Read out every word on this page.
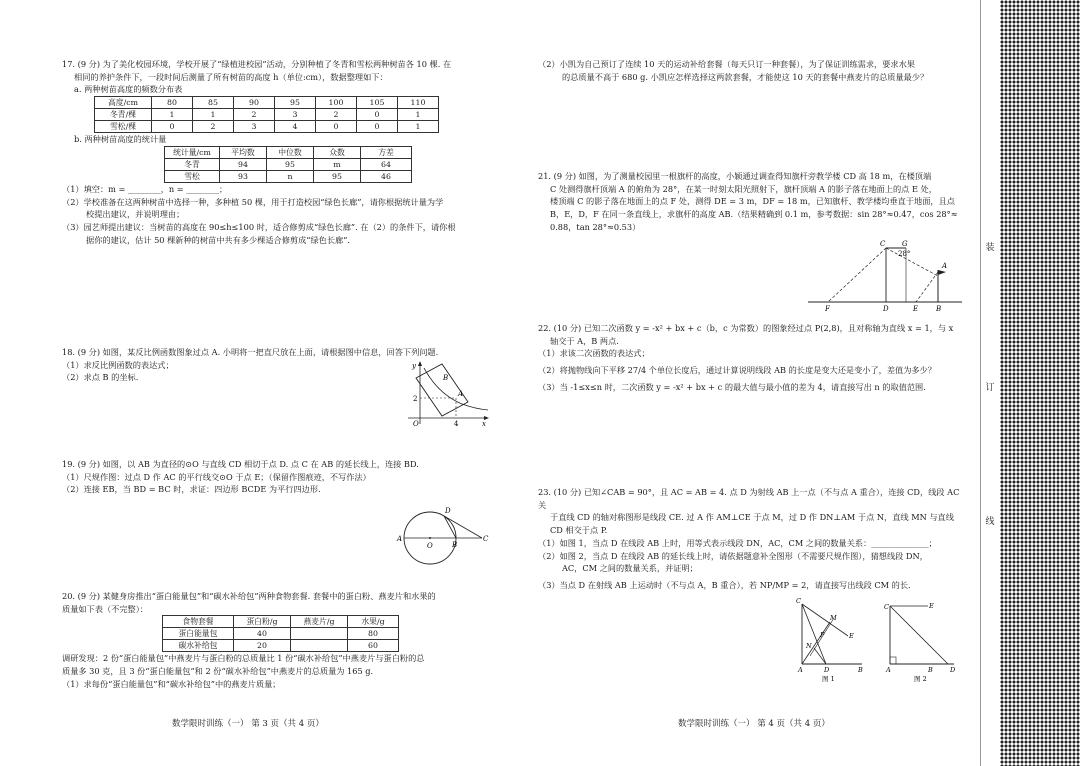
17. (9 分) 为了美化校园环境，学校开展了“绿植进校园”活动，分别种植了冬青和雪松两种树苗各 10 棵. 在

相同的养护条件下，一段时间后测量了所有树苗的高度 h（单位:cm），数据整理如下：

a. 两种树苗高度的频数分布表

高度/cm	80	85	90	95	100	105	110
冬青/棵	1	1	2	3	2	0	1
雪松/棵	0	2	3	4	0	0	1

b. 两种树苗高度的统计量

统计量/cm	平均数	中位数	众数	方差
冬青	94	95	m	64
雪松	93	n	95	46

（1）填空：m = ________，n = ________；

（2）学校准备在这两种树苗中选择一种，多种植 50 棵，用于打造校园“绿色长廊”，请你根据统计量为学

校提出建议，并说明理由；

（3）园艺师提出建议：当树苗的高度在 90≤h≤100 时，适合修剪成“绿色长廊”. 在（2）的条件下，请你根

据你的建议，估计 50 棵新种的树苗中共有多少棵适合修剪成“绿色长廊”.

18. (9 分) 如图，某反比例函数图象过点 A. 小明将一把直尺放在上面，请根据图中信息，回答下列问题.

（1）求反比例函数的表达式；

（2）求点 B 的坐标.

y
x
B
A
2
4
O

19. (9 分) 如图，以 AB 为直径的⊙O 与直线 CD 相切于点 D. 点 C 在 AB 的延长线上，连接 BD.

（1）尺规作图：过点 D 作 AC 的平行线交⊙O 于点 E；（保留作图痕迹，不写作法）

（2）连接 EB，当 BD = BC 时，求证：四边形 BCDE 为平行四边形.

D
A
O	B
C

20. (9 分) 某健身房推出“蛋白能量包”和“碳水补给包”两种食物套餐. 套餐中的蛋白粉、燕麦片和水果的

质量如下表（不完整）：

食物套餐	蛋白粉/g	燕麦片/g	水果/g
蛋白能量包	40		80
碳水补给包	20		60

调研发现：2 份“蛋白能量包”中燕麦片与蛋白粉的总质量比 1 份“碳水补给包”中燕麦片与蛋白粉的总

质量多 30 克，且 3 份“蛋白能量包”和 2 份“碳水补给包”中燕麦片的总质量为 165 g.

（1）求每份“蛋白能量包”和“碳水补给包”中的燕麦片质量；

数学限时训练（一） 第 3 页（共 4 页）

（2）小凯为自己预订了连续 10 天的运动补给套餐（每天只订一种套餐），为了保证训练需求，要求水果

的总质量不高于 680 g. 小凯应怎样选择这两款套餐，才能使这 10 天的套餐中燕麦片的总质量最少？

21. (9 分) 如图，为了测量校园里一根旗杆的高度，小颖通过调查得知旗杆旁教学楼 CD 高 18 m，在楼顶端

C 处测得旗杆顶端 A 的俯角为 28°，在某一时刻太阳光照射下，旗杆顶端 A 的影子落在地面上的点 E 处，

楼顶端 C 的影子落在地面上的点 F 处，测得 DE = 3 m，DF = 18 m，已知旗杆、教学楼均垂直于地面，且点

B，E，D，F 在同一条直线上，求旗杆的高度 AB.（结果精确到 0.1 m，参考数据：sin 28°≈0.47，cos 28°≈

0.88，tan 28°≈0.53）

C G
28°
A
F	D	E	B

22. (10 分) 已知二次函数 y = -x² + bx + c（b，c 为常数）的图象经过点 P(2,8)，且对称轴为直线 x = 1，与 x

轴交于 A，B 两点.

（1）求该二次函数的表达式；

（2）将抛物线向下平移 27/4 个单位长度后，通过计算说明线段 AB 的长度是变大还是变小了，差值为多少？

（3）当 -1≤x≤n 时，二次函数 y = -x² + bx + c 的最大值与最小值的差为 4，请直接写出 n 的取值范围.

23. (10 分) 已知∠CAB = 90°，且 AC = AB = 4. 点 D 为射线 AB 上一点（不与点 A 重合），连接 CD，线段 AC 关

于直线 CD 的轴对称图形是线段 CE. 过 A 作 AM⊥CE 于点 M，过 D 作 DN⊥AM 于点 N，直线 MN 与直线

CD 相交于点 P.

（1）如图 1，当点 D 在线段 AB 上时，用等式表示线段 DN，AC，CM 之间的数量关系：______________；

（2）如图 2，当点 D 在线段 AB 的延长线上时，请依据题意补全图形（不需要尺规作图），猜想线段 DN，

AC，CM 之间的数量关系，并证明；

（3）当点 D 在射线 AB 上运动时（不与点 A，B 重合），若 NP/MP = 2，请直接写出线段 CM 的长.

C
M
P
N
E
A	D	B
图 1
C	E
A	B	D
图 2
数学限时训练（一） 第 4 页（共 4 页）
装
订
线
